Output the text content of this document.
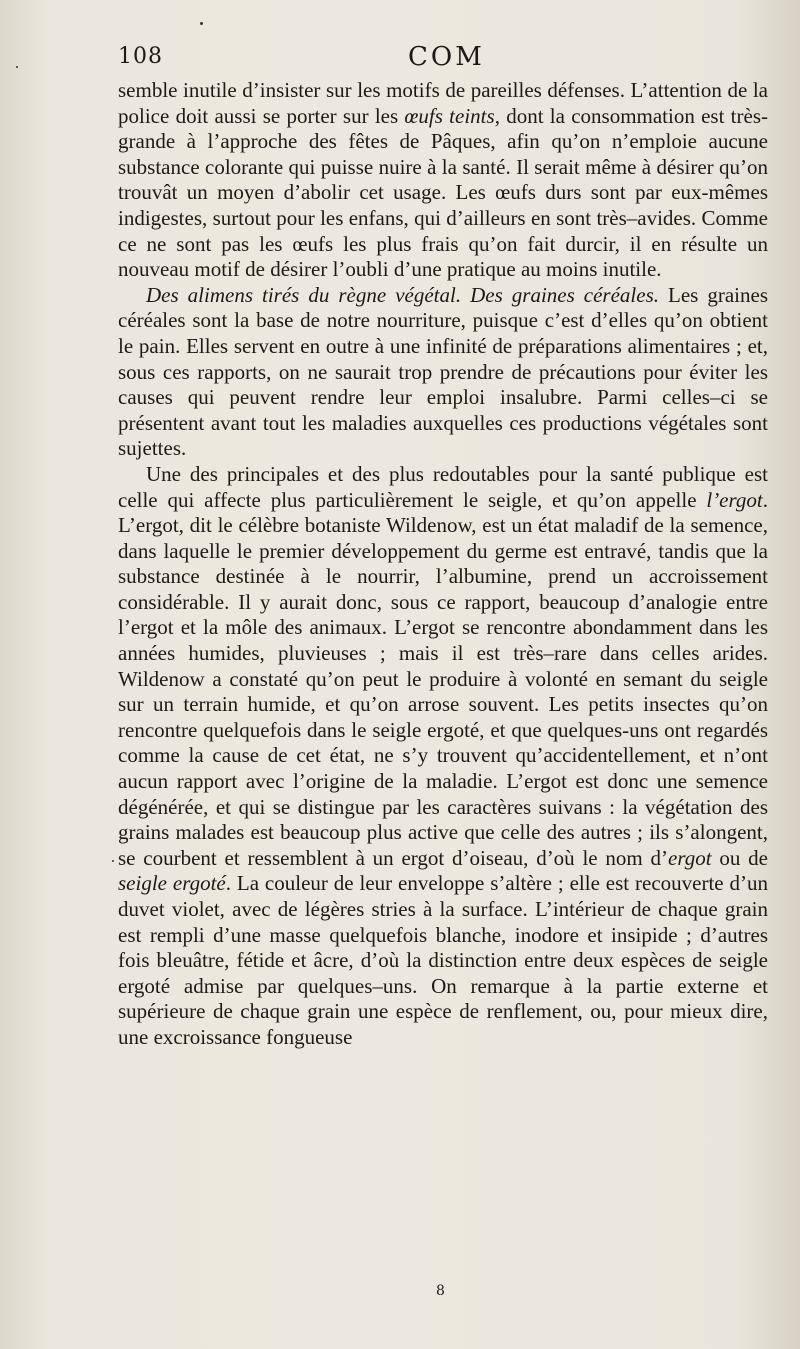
108	COM

semble inutile d’insister sur les motifs de pareilles défenses. L’attention de la police doit aussi se porter sur les œufs teints, dont la consommation est très-grande à l’approche des fêtes de Pâques, afin qu’on n’emploie aucune substance colorante qui puisse nuire à la santé. Il serait même à désirer qu’on trouvât un moyen d’abolir cet usage. Les œufs durs sont par eux-mêmes indigestes, surtout pour les enfans, qui d’ailleurs en sont très–avides. Comme ce ne sont pas les œufs les plus frais qu’on fait durcir, il en résulte un nouveau motif de désirer l’oubli d’une pratique au moins inutile.

Des alimens tirés du règne végétal. Des graines céréales. Les graines céréales sont la base de notre nourriture, puisque c’est d’elles qu’on obtient le pain. Elles servent en outre à une infinité de préparations alimentaires ; et, sous ces rapports, on ne saurait trop prendre de précautions pour éviter les causes qui peuvent rendre leur emploi insalubre. Parmi celles–ci se présentent avant tout les maladies auxquelles ces productions végétales sont sujettes.

Une des principales et des plus redoutables pour la santé publique est celle qui affecte plus particulièrement le seigle, et qu’on appelle l’ergot. L’ergot, dit le célèbre botaniste Wildenow, est un état maladif de la semence, dans laquelle le premier développement du germe est entravé, tandis que la substance destinée à le nourrir, l’albumine, prend un accroissement considérable. Il y aurait donc, sous ce rapport, beaucoup d’analogie entre l’ergot et la môle des animaux. L’ergot se rencontre abondamment dans les années humides, pluvieuses ; mais il est très–rare dans celles arides. Wildenow a constaté qu’on peut le produire à volonté en semant du seigle sur un terrain humide, et qu’on arrose souvent. Les petits insectes qu’on rencontre quelquefois dans le seigle ergoté, et que quelques-uns ont regardés comme la cause de cet état, ne s’y trouvent qu’accidentellement, et n’ont aucun rapport avec l’origine de la maladie. L’ergot est donc une semence dégénérée, et qui se distingue par les caractères suivans : la végétation des grains malades est beaucoup plus active que celle des autres ; ils s’alongent, se courbent et ressemblent à un ergot d’oiseau, d’où le nom d’ergot ou de seigle ergoté. La couleur de leur enveloppe s’altère ; elle est recouverte d’un duvet violet, avec de légères stries à la surface. L’intérieur de chaque grain est rempli d’une masse quelquefois blanche, inodore et insipide ; d’autres fois bleuâtre, fétide et âcre, d’où la distinction entre deux espèces de seigle ergoté admise par quelques–uns. On remarque à la partie externe et supérieure de chaque grain une espèce de renflement, ou, pour mieux dire, une excroissance fongueuse

8
